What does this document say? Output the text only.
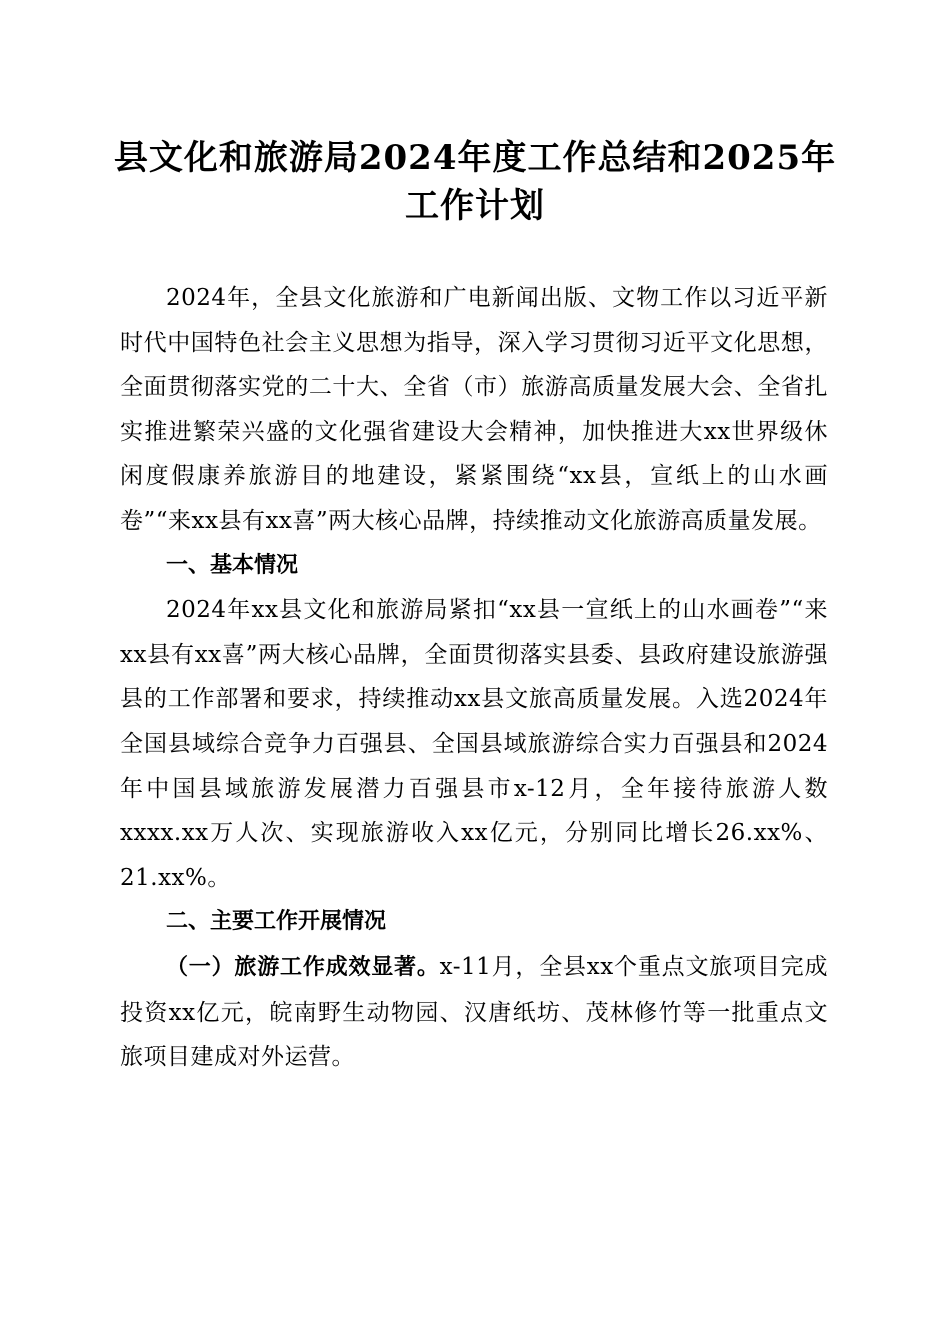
县文化和旅游局2024年度工作总结和2025年
工作计划

2024年，全县文化旅游和广电新闻出版、文物工作以习近平新时代中国特色社会主义思想为指导，深入学习贯彻习近平文化思想，全面贯彻落实党的二十大、全省（市）旅游高质量发展大会、全省扎实推进繁荣兴盛的文化强省建设大会精神，加快推进大xx世界级休闲度假康养旅游目的地建设，紧紧围绕“xx县，宣纸上的山水画卷”“来xx县有xx喜”两大核心品牌，持续推动文化旅游高质量发展。

一、基本情况

2024年xx县文化和旅游局紧扣“xx县一宣纸上的山水画卷”“来xx县有xx喜”两大核心品牌，全面贯彻落实县委、县政府建设旅游强县的工作部署和要求，持续推动xx县文旅高质量发展。入选2024年全国县域综合竞争力百强县、全国县域旅游综合实力百强县和2024年中国县域旅游发展潜力百强县市x-12月，全年接待旅游人数xxxx.xx万人次、实现旅游收入xx亿元，分别同比增长26.xx%、21.xx%。

二、主要工作开展情况

（一）旅游工作成效显著。x-11月，全县xx个重点文旅项目完成投资xx亿元，皖南野生动物园、汉唐纸坊、茂林修竹等一批重点文旅项目建成对外运营。
